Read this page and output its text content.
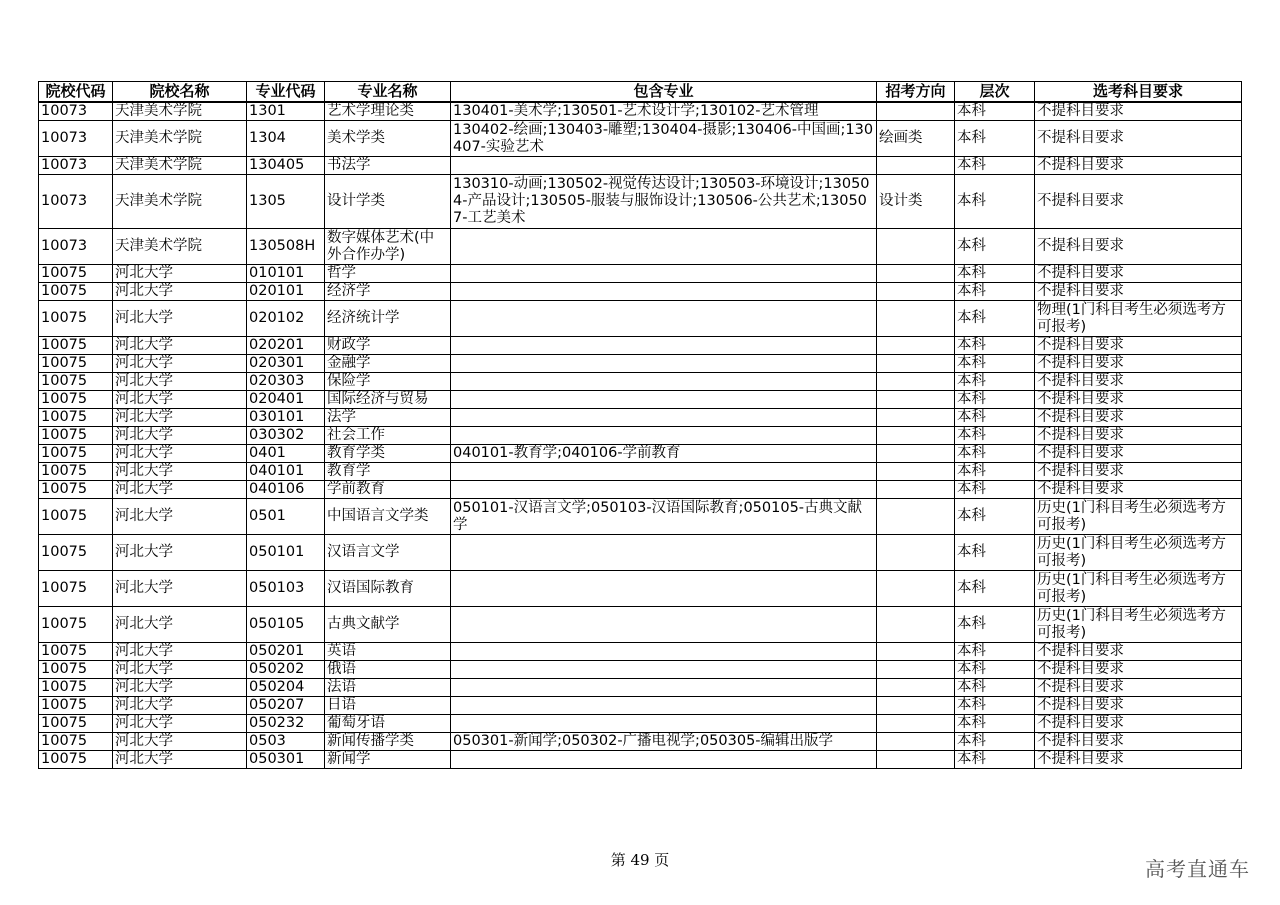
院校代码	院校名称	专业代码	专业名称	包含专业	招考方向	层次	选考科目要求
10073	天津美术学院	1301	艺术学理论类	130401-美术学;130501-艺术设计学;130102-艺术管理		本科	不提科目要求
10073	天津美术学院	1304	美术学类	130402-绘画;130403-雕塑;130404-摄影;130406-中国画;130407-实验艺术	绘画类	本科	不提科目要求
10073	天津美术学院	130405	书法学			本科	不提科目要求
10073	天津美术学院	1305	设计学类	130310-动画;130502-视觉传达设计;130503-环境设计;130504-产品设计;130505-服装与服饰设计;130506-公共艺术;130507-工艺美术	设计类	本科	不提科目要求
10073	天津美术学院	130508H	数字媒体艺术(中外合作办学)			本科	不提科目要求
10075	河北大学	010101	哲学			本科	不提科目要求
10075	河北大学	020101	经济学			本科	不提科目要求
10075	河北大学	020102	经济统计学			本科	物理(1门科目考生必须选考方可报考)
10075	河北大学	020201	财政学			本科	不提科目要求
10075	河北大学	020301	金融学			本科	不提科目要求
10075	河北大学	020303	保险学			本科	不提科目要求
10075	河北大学	020401	国际经济与贸易			本科	不提科目要求
10075	河北大学	030101	法学			本科	不提科目要求
10075	河北大学	030302	社会工作			本科	不提科目要求
10075	河北大学	0401	教育学类	040101-教育学;040106-学前教育		本科	不提科目要求
10075	河北大学	040101	教育学			本科	不提科目要求
10075	河北大学	040106	学前教育			本科	不提科目要求
10075	河北大学	0501	中国语言文学类	050101-汉语言文学;050103-汉语国际教育;050105-古典文献学		本科	历史(1门科目考生必须选考方可报考)
10075	河北大学	050101	汉语言文学			本科	历史(1门科目考生必须选考方可报考)
10075	河北大学	050103	汉语国际教育			本科	历史(1门科目考生必须选考方可报考)
10075	河北大学	050105	古典文献学			本科	历史(1门科目考生必须选考方可报考)
10075	河北大学	050201	英语			本科	不提科目要求
10075	河北大学	050202	俄语			本科	不提科目要求
10075	河北大学	050204	法语			本科	不提科目要求
10075	河北大学	050207	日语			本科	不提科目要求
10075	河北大学	050232	葡萄牙语			本科	不提科目要求
10075	河北大学	0503	新闻传播学类	050301-新闻学;050302-广播电视学;050305-编辑出版学		本科	不提科目要求
10075	河北大学	050301	新闻学			本科	不提科目要求
第 49 页	高考直通车
